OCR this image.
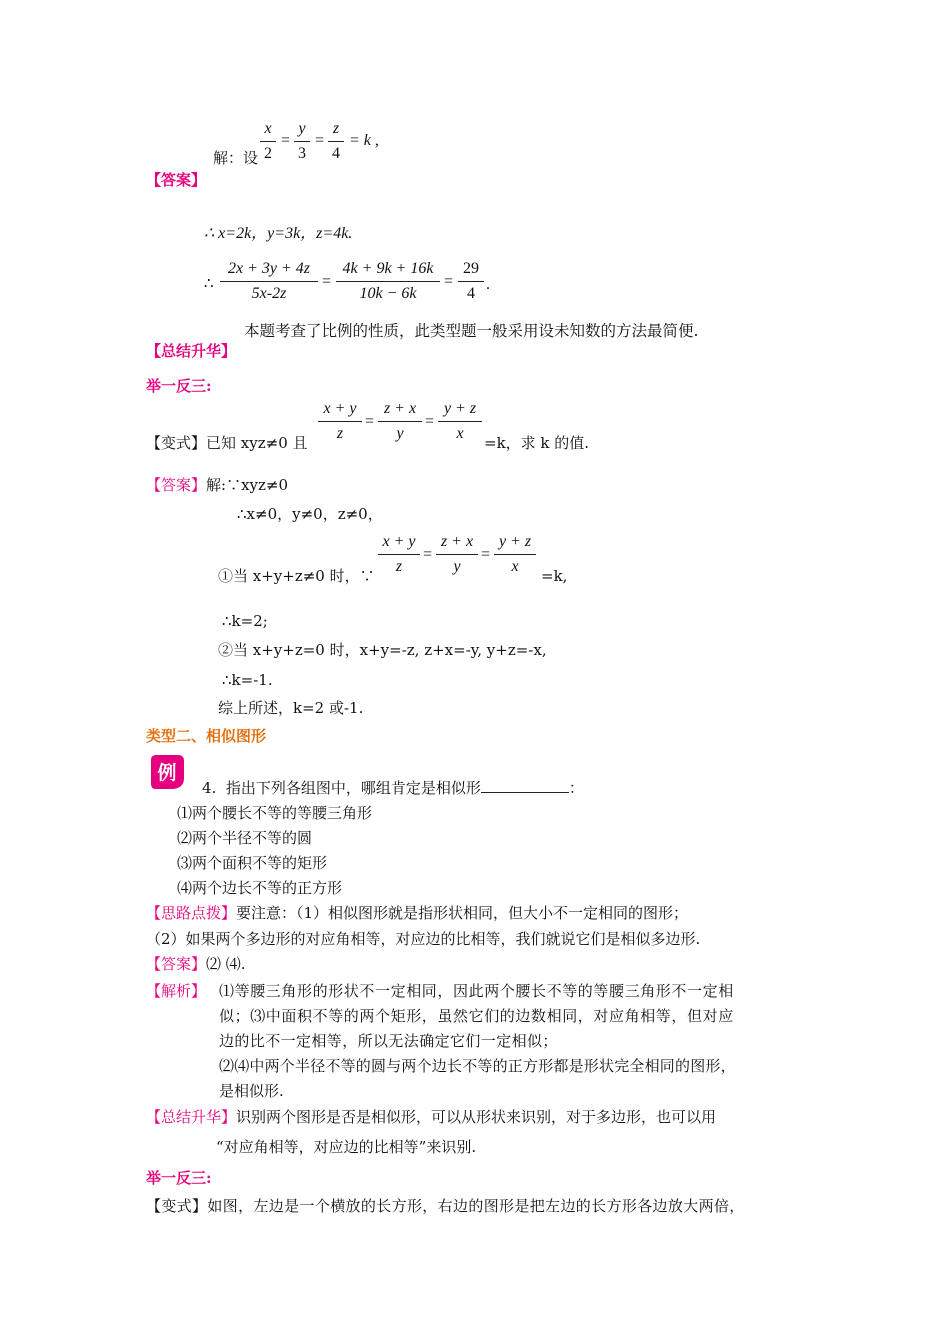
x
2
=
y
3
=
z
4
= k ,
解：设
【答案】
∴ x=2k，y=3k，z=4k.
∴
2x + 3y + 4z
5x-2z
=
4k + 9k + 16k
10k − 6k
=
29
4
.
本题考查了比例的性质，此类型题一般采用设未知数的方法最简便.
【总结升华】
举一反三:
x + y
z
=
z + x
y
=
y + z
x
【变式】已知 xyz≠0 且	=k，求 k 的值.
【答案】解:∵xyz≠0
∴x≠0，y≠0，z≠0，
x + y
z
=
z + x
y
=
y + z
x
①当 x+y+z≠0 时，∵	=k,
∴k=2;
②当 x+y+z=0 时，x+y=-z, z+x=-y, y+z=-x,
∴k=-1.
综上所述，k=2 或-1.
类型二、相似图形
例
4. 指出下列各组图中，哪组肯定是相似形	：
⑴两个腰长不等的等腰三角形
⑵两个半径不等的圆
⑶两个面积不等的矩形
⑷两个边长不等的正方形
【思路点拨】要注意：（1）相似图形就是指形状相同，但大小不一定相同的图形；
（2）如果两个多边形的对应角相等，对应边的比相等，我们就说它们是相似多边形.
【答案】⑵ ⑷.
【解析】 ⑴等腰三角形的形状不一定相同，因此两个腰长不等的等腰三角形不一定相
似；⑶中面积不等的两个矩形，虽然它们的边数相同，对应角相等，但对应
边的比不一定相等，所以无法确定它们一定相似；
⑵⑷中两个半径不等的圆与两个边长不等的正方形都是形状完全相同的图形，
是相似形.
【总结升华】识别两个图形是否是相似形，可以从形状来识别，对于多边形，也可以用
“对应角相等，对应边的比相等”来识别.
举一反三:
【变式】如图，左边是一个横放的长方形，右边的图形是把左边的长方形各边放大两倍，
